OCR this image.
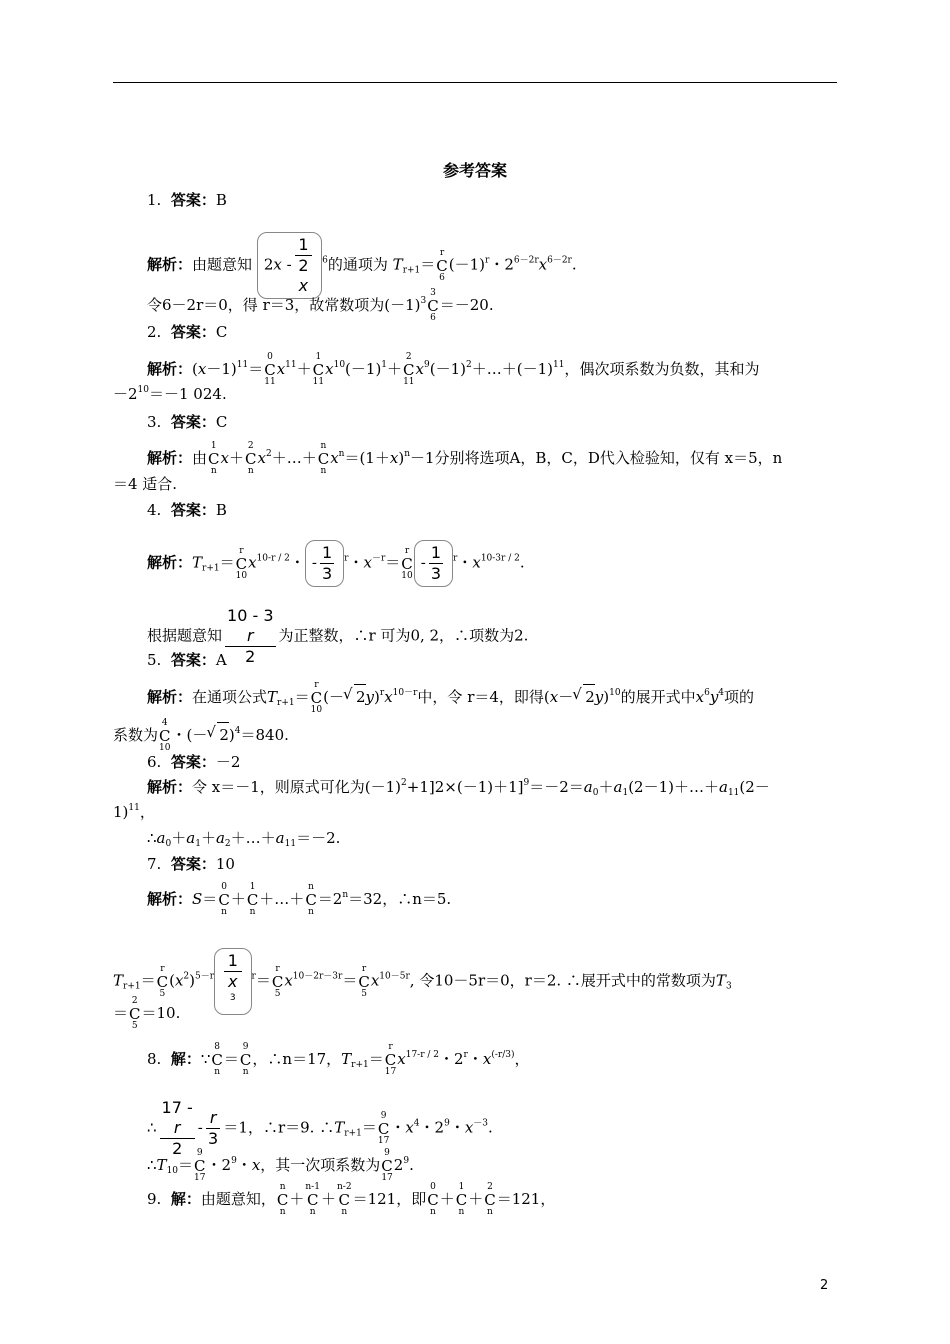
参考答案
1. 答案：B
解析：由题意知 2x - 1
2
x $^6$的通项为 $T_{r+1}=$
r
C
6
$(-1)^r$・$2^{6-2r}x^{6-2r}$.
令6－2r＝0，得 r＝3，故常数项为$(-1)^3$
3
C
6
＝－20.
2. 答案：C
解析：$(x-1)^{11}=$
0
C
11
$x^{11}+$
1
C
11
$x^{10}(-1)^1+$
2
C
11
$x^9(-1)^2+\dots+(-1)^{11}$，偶次项系数为负数，其和为
$-2^{10}=-1$ 024.
3. 答案：C
解析：由
1
C
n
x＋
2
C
n
$x^2+\dots+$
n
C
n
$x^n=(1+x)^n-1$分别将选项A，B，C，D代入检验知，仅有 x＝5，n
＝4 适合.
4. 答案：B
解析：$T_{r+1}=$
r
C
10
$x^{10-r / 2}$・ - $\frac{1}{3} ^r$・$x^{-r}=$
r
C
10
- $\frac{1}{3} ^r$・$x^{10-3r / 2}$.
根据题意知 10 - 3
r
2 为正整数，∴r 可为0, 2，∴项数为2.
5. 答案：A
解析：在通项公式$T_{r+1}=$
r
C
10
(－ √ $2y)^rx^{10-r}$中，令 r＝4，即得(x－ √ 2y)$^{10}$的展开式中$x^6y^4$项的
系数为
4
C
10
・(－ √ 2)$^4$＝840.
6. 答案：－2
解析：令 x＝－1，则原式可化为$(-1)^2+1]2\times(-1)+1]^9=-2=a_0+a_1(2-1)+\dots+a_{11}(2-$
1)$^{11}$，
$\therefore a_0+a_1+a_2+\dots+a_{11}=-2$.
7. 答案：10
解析：S＝
0
C
n
＋
1
C
n
＋…＋
n
C
n
$=2^n=32$，∴n＝5.
$T_{r+1}=$
r
C
5
$(x^2)^{5-r}$ 1
x
$^3$ $^r$＝
r
C
5
$x^{10-2r-3r}=$
r
C
5
$x^{10-5r}$, 令10－5r＝0，r＝2. ∴展开式中的常数项为$T_3$
＝
2
C
5
＝10.
8. 解：∵
8
C
n
＝
9
C
n
，∴n＝17，$T_{r+1}=$
r
C
17
$x^{17-r / 2}$・2$^r$・$x^{(-r/3)}$，
∴ 17 -
r
$2 - \frac{r}{3} =1$，∴r＝9. $\therefore T_{r+1}=$
9
C
17
・$x^4$・$2^9$・$x^{-3}$.
$\therefore T_{10}=$
9
C
17
・$2^9$・x，其一次项系数为
9
C
17
$2^9$.
9. 解：由题意知，
n
C
n
＋
n-1
C
n
＋
n-2
C
n
＝121，即
0
C
n
＋
1
C
n
＋
2
C
n
＝121，
2
